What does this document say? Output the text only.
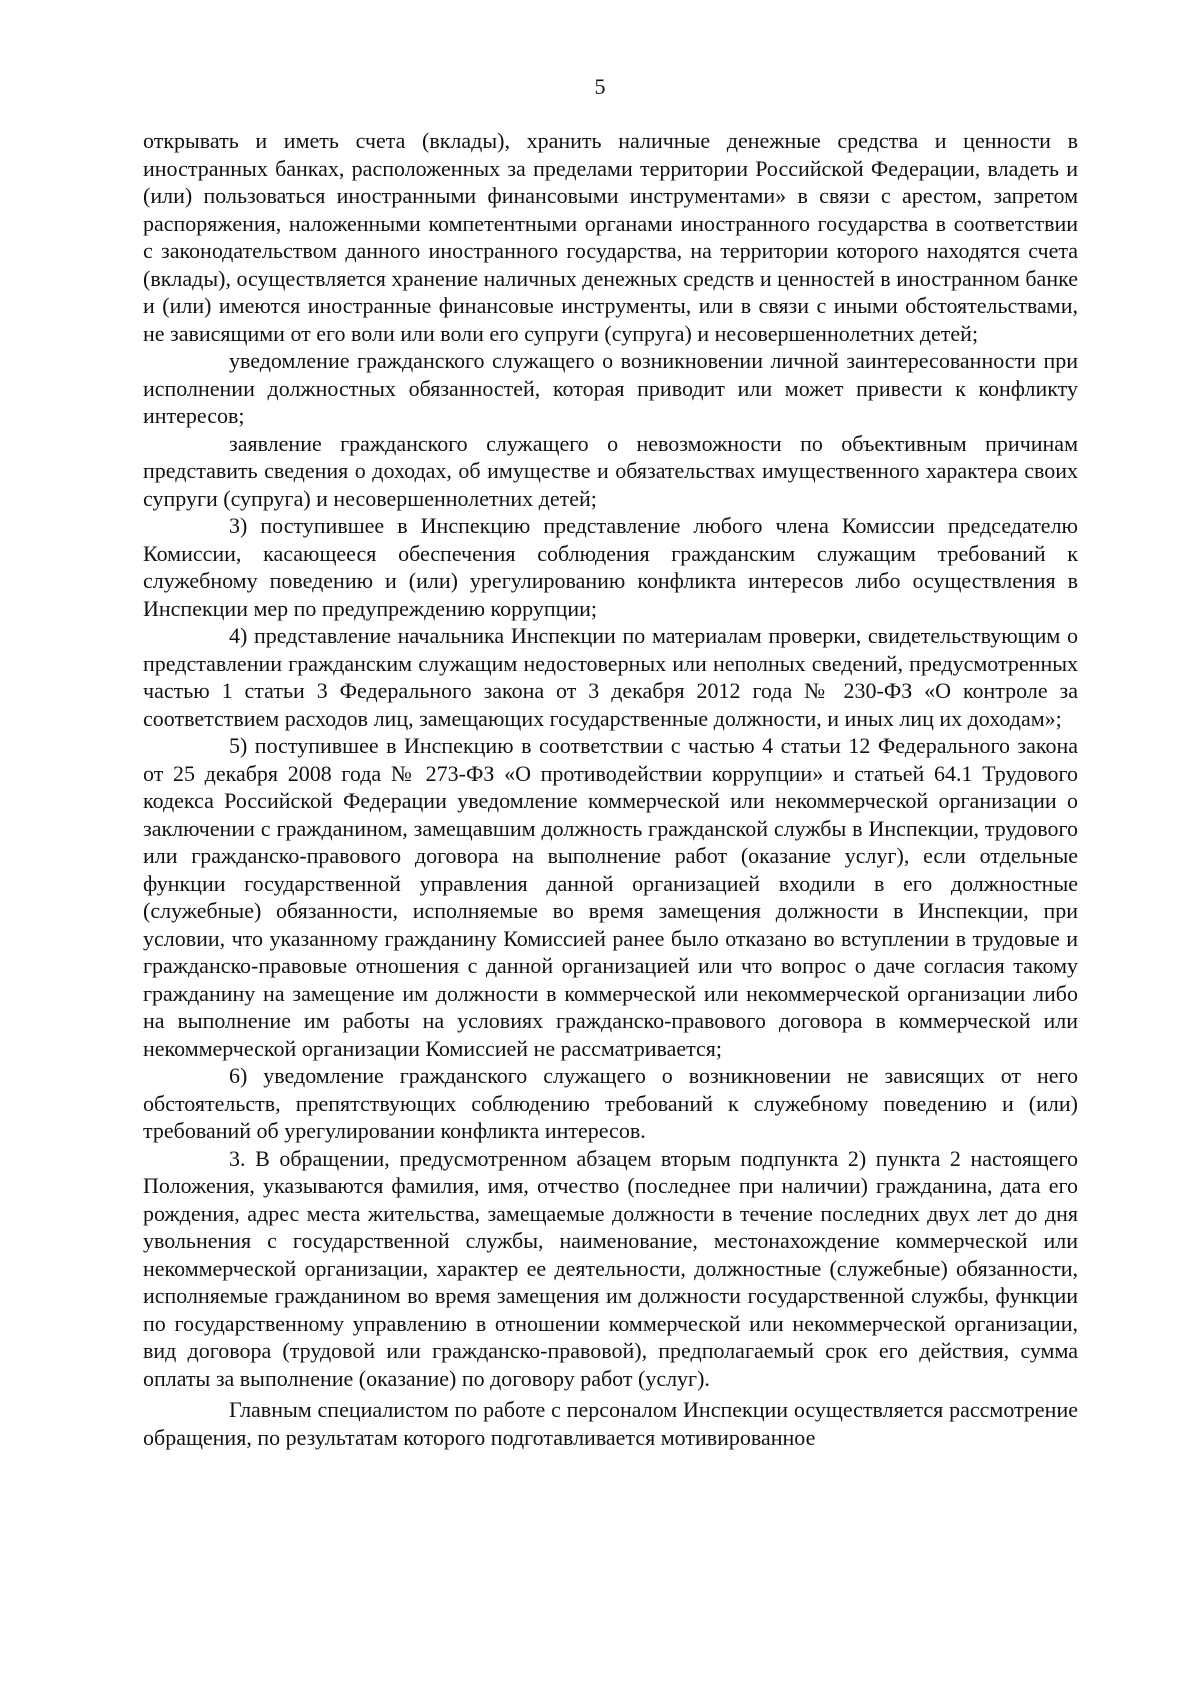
5

открывать и иметь счета (вклады), хранить наличные денежные средства и ценности в иностранных банках, расположенных за пределами территории Российской Федерации, владеть и (или) пользоваться иностранными финансовыми инструментами» в связи с арестом, запретом распоряжения, наложенными компетентными органами иностранного государства в соответствии с законодательством данного иностранного государства, на территории которого находятся счета (вклады), осуществляется хранение наличных денежных средств и ценностей в иностранном банке и (или) имеются иностранные финансовые инструменты, или в связи с иными обстоятельствами, не зависящими от его воли или воли его супруги (супруга) и несовершеннолетних детей;

уведомление гражданского служащего о возникновении личной заинтересованности при исполнении должностных обязанностей, которая приводит или может привести к конфликту интересов;

заявление гражданского служащего о невозможности по объективным причинам представить сведения о доходах, об имуществе и обязательствах имущественного характера своих супруги (супруга) и несовершеннолетних детей;

3) поступившее в Инспекцию представление любого члена Комиссии председателю Комиссии, касающееся обеспечения соблюдения гражданским служащим требований к служебному поведению и (или) урегулированию конфликта интересов либо осуществления в Инспекции мер по предупреждению коррупции;

4) представление начальника Инспекции по материалам проверки, свидетельствующим о представлении гражданским служащим недостоверных или неполных сведений, предусмотренных частью 1 статьи 3 Федерального закона от 3 декабря 2012 года № 230-ФЗ «О контроле за соответствием расходов лиц, замещающих государственные должности, и иных лиц их доходам»;

5) поступившее в Инспекцию в соответствии с частью 4 статьи 12 Федерального закона от 25 декабря 2008 года № 273-ФЗ «О противодействии коррупции» и статьей 64.1 Трудового кодекса Российской Федерации уведомление коммерческой или некоммерческой организации о заключении с гражданином, замещавшим должность гражданской службы в Инспекции, трудового или гражданско-правового договора на выполнение работ (оказание услуг), если отдельные функции государственной управления данной организацией входили в его должностные (служебные) обязанности, исполняемые во время замещения должности в Инспекции, при условии, что указанному гражданину Комиссией ранее было отказано во вступлении в трудовые и гражданско-правовые отношения с данной организацией или что вопрос о даче согласия такому гражданину на замещение им должности в коммерческой или некоммерческой организации либо на выполнение им работы на условиях гражданско-правового договора в коммерческой или некоммерческой организации Комиссией не рассматривается;

6) уведомление гражданского служащего о возникновении не зависящих от него обстоятельств, препятствующих соблюдению требований к служебному поведению и (или) требований об урегулировании конфликта интересов.

3. В обращении, предусмотренном абзацем вторым подпункта 2) пункта 2 настоящего Положения, указываются фамилия, имя, отчество (последнее при наличии) гражданина, дата его рождения, адрес места жительства, замещаемые должности в течение последних двух лет до дня увольнения с государственной службы, наименование, местонахождение коммерческой или некоммерческой организации, характер ее деятельности, должностные (служебные) обязанности, исполняемые гражданином во время замещения им должности государственной службы, функции по государственному управлению в отношении коммерческой или некоммерческой организации, вид договора (трудовой или гражданско-правовой), предполагаемый срок его действия, сумма оплаты за выполнение (оказание) по договору работ (услуг).

Главным специалистом по работе с персоналом Инспекции осуществляется рассмотрение обращения, по результатам которого подготавливается мотивированное
